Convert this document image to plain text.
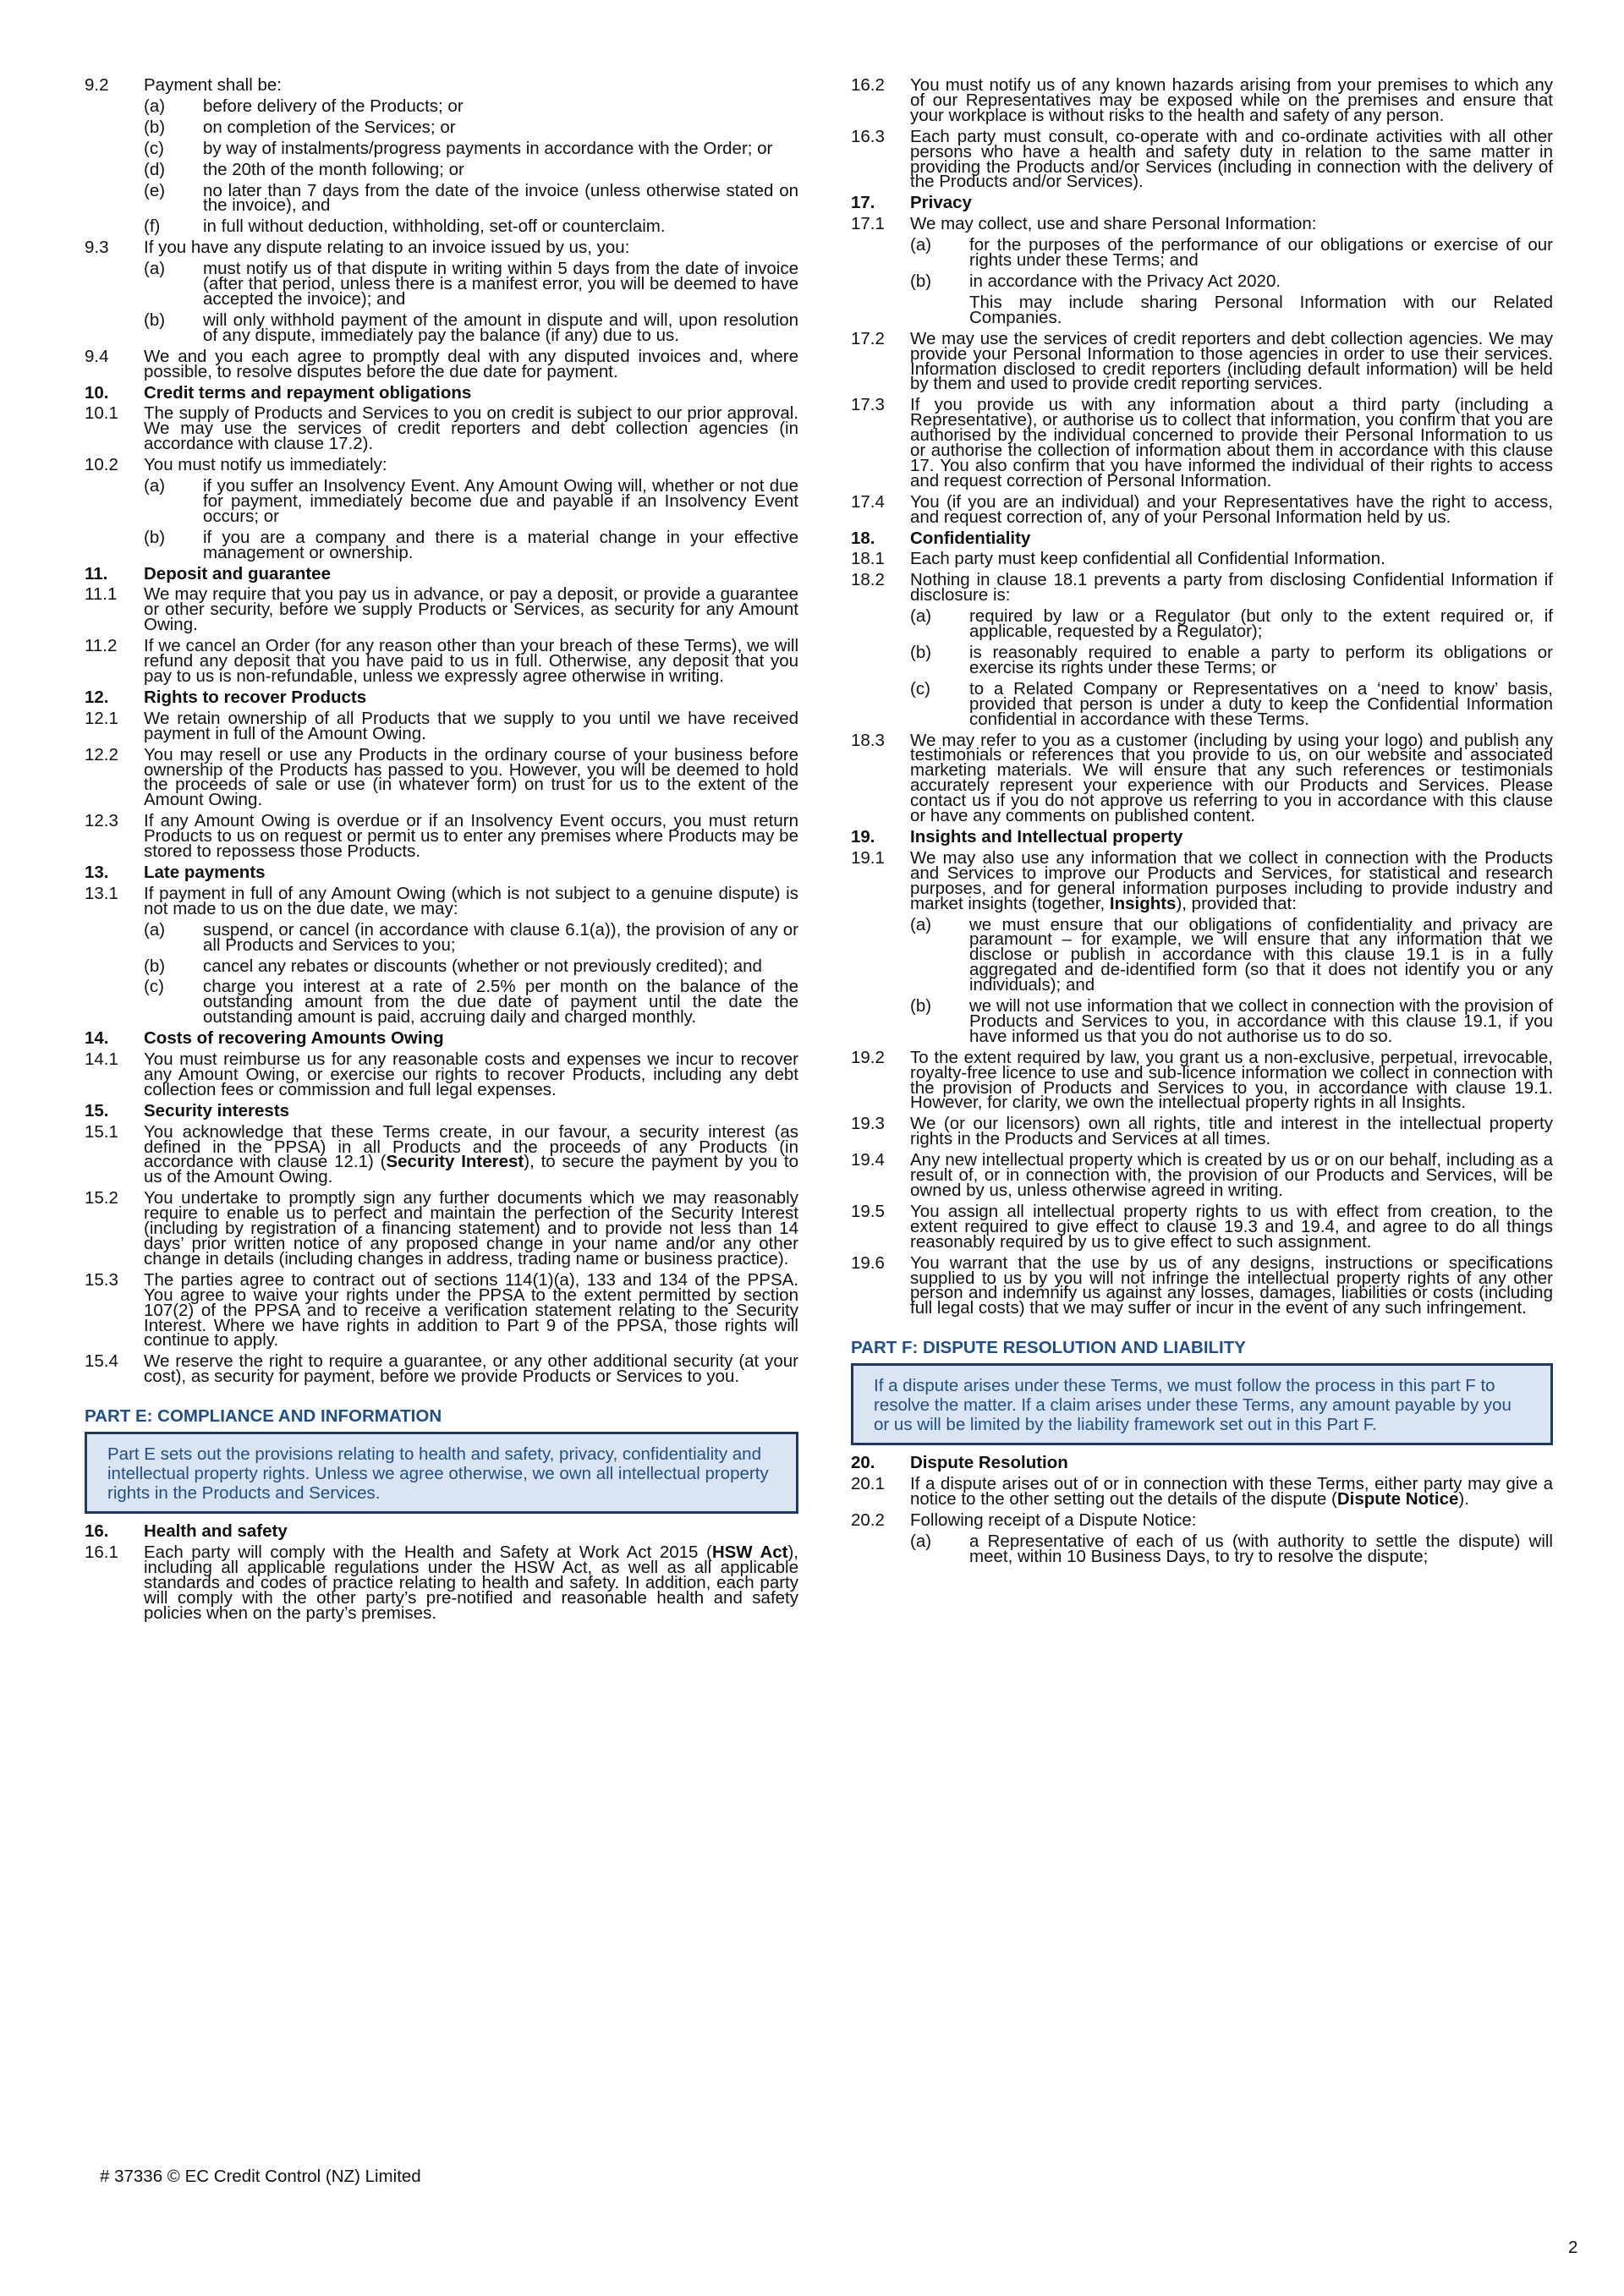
9.2	Payment shall be:
(a)	before delivery of the Products; or
(b)	on completion of the Services; or
(c)	by way of instalments/progress payments in accordance with the Order; or
(d)	the 20th of the month following; or
(e)	no later than 7 days from the date of the invoice (unless otherwise stated on the invoice), and
(f)	in full without deduction, withholding, set-off or counterclaim.
9.3	If you have any dispute relating to an invoice issued by us, you:
(a)	must notify us of that dispute in writing within 5 days from the date of invoice (after that period, unless there is a manifest error, you will be deemed to have accepted the invoice); and
(b)	will only withhold payment of the amount in dispute and will, upon resolution of any dispute, immediately pay the balance (if any) due to us.
9.4	We and you each agree to promptly deal with any disputed invoices and, where possible, to resolve disputes before the due date for payment.
10.	Credit terms and repayment obligations
10.1	The supply of Products and Services to you on credit is subject to our prior approval. We may use the services of credit reporters and debt collection agencies (in accordance with clause 17.2).
10.2	You must notify us immediately:
(a)	if you suffer an Insolvency Event. Any Amount Owing will, whether or not due for payment, immediately become due and payable if an Insolvency Event occurs; or
(b)	if you are a company and there is a material change in your effective management or ownership.
11.	Deposit and guarantee
11.1	We may require that you pay us in advance, or pay a deposit, or provide a guarantee or other security, before we supply Products or Services, as security for any Amount Owing.
11.2	If we cancel an Order (for any reason other than your breach of these Terms), we will refund any deposit that you have paid to us in full. Otherwise, any deposit that you pay to us is non-refundable, unless we expressly agree otherwise in writing.
12.	Rights to recover Products
12.1	We retain ownership of all Products that we supply to you until we have received payment in full of the Amount Owing.
12.2	You may resell or use any Products in the ordinary course of your business before ownership of the Products has passed to you. However, you will be deemed to hold the proceeds of sale or use (in whatever form) on trust for us to the extent of the Amount Owing.
12.3	If any Amount Owing is overdue or if an Insolvency Event occurs, you must return Products to us on request or permit us to enter any premises where Products may be stored to repossess those Products.
13.	Late payments
13.1	If payment in full of any Amount Owing (which is not subject to a genuine dispute) is not made to us on the due date, we may:
(a)	suspend, or cancel (in accordance with clause 6.1(a)), the provision of any or all Products and Services to you;
(b)	cancel any rebates or discounts (whether or not previously credited); and
(c)	charge you interest at a rate of 2.5% per month on the balance of the outstanding amount from the due date of payment until the date the outstanding amount is paid, accruing daily and charged monthly.
14.	Costs of recovering Amounts Owing
14.1	You must reimburse us for any reasonable costs and expenses we incur to recover any Amount Owing, or exercise our rights to recover Products, including any debt collection fees or commission and full legal expenses.
15.	Security interests
15.1	You acknowledge that these Terms create, in our favour, a security interest (as defined in the PPSA) in all Products and the proceeds of any Products (in accordance with clause 12.1) (Security Interest), to secure the payment by you to us of the Amount Owing.
15.2	You undertake to promptly sign any further documents which we may reasonably require to enable us to perfect and maintain the perfection of the Security Interest (including by registration of a financing statement) and to provide not less than 14 days’ prior written notice of any proposed change in your name and/or any other change in details (including changes in address, trading name or business practice).
15.3	The parties agree to contract out of sections 114(1)(a), 133 and 134 of the PPSA. You agree to waive your rights under the PPSA to the extent permitted by section 107(2) of the PPSA and to receive a verification statement relating to the Security Interest. Where we have rights in addition to Part 9 of the PPSA, those rights will continue to apply.
15.4	We reserve the right to require a guarantee, or any other additional security (at your cost), as security for payment, before we provide Products or Services to you.
PART E: COMPLIANCE AND INFORMATION
Part E sets out the provisions relating to health and safety, privacy, confidentiality and intellectual property rights. Unless we agree otherwise, we own all intellectual property rights in the Products and Services.
16.	Health and safety
16.1	Each party will comply with the Health and Safety at Work Act 2015 (HSW Act), including all applicable regulations under the HSW Act, as well as all applicable standards and codes of practice relating to health and safety. In addition, each party will comply with the other party’s pre-notified and reasonable health and safety policies when on the party’s premises.
16.2	You must notify us of any known hazards arising from your premises to which any of our Representatives may be exposed while on the premises and ensure that your workplace is without risks to the health and safety of any person.
16.3	Each party must consult, co-operate with and co-ordinate activities with all other persons who have a health and safety duty in relation to the same matter in providing the Products and/or Services (including in connection with the delivery of the Products and/or Services).
17.	Privacy
17.1	We may collect, use and share Personal Information:
(a)	for the purposes of the performance of our obligations or exercise of our rights under these Terms; and
(b)	in accordance with the Privacy Act 2020.
This may include sharing Personal Information with our Related Companies.
17.2	We may use the services of credit reporters and debt collection agencies. We may provide your Personal Information to those agencies in order to use their services. Information disclosed to credit reporters (including default information) will be held by them and used to provide credit reporting services.
17.3	If you provide us with any information about a third party (including a Representative), or authorise us to collect that information, you confirm that you are authorised by the individual concerned to provide their Personal Information to us or authorise the collection of information about them in accordance with this clause 17. You also confirm that you have informed the individual of their rights to access and request correction of Personal Information.
17.4	You (if you are an individual) and your Representatives have the right to access, and request correction of, any of your Personal Information held by us.
18.	Confidentiality
18.1	Each party must keep confidential all Confidential Information.
18.2	Nothing in clause 18.1 prevents a party from disclosing Confidential Information if disclosure is:
(a)	required by law or a Regulator (but only to the extent required or, if applicable, requested by a Regulator);
(b)	is reasonably required to enable a party to perform its obligations or exercise its rights under these Terms; or
(c)	to a Related Company or Representatives on a ‘need to know’ basis, provided that person is under a duty to keep the Confidential Information confidential in accordance with these Terms.
18.3	We may refer to you as a customer (including by using your logo) and publish any testimonials or references that you provide to us, on our website and associated marketing materials. We will ensure that any such references or testimonials accurately represent your experience with our Products and Services. Please contact us if you do not approve us referring to you in accordance with this clause or have any comments on published content.
19.	Insights and Intellectual property
19.1	We may also use any information that we collect in connection with the Products and Services to improve our Products and Services, for statistical and research purposes, and for general information purposes including to provide industry and market insights (together, Insights), provided that:
(a)	we must ensure that our obligations of confidentiality and privacy are paramount – for example, we will ensure that any information that we disclose or publish in accordance with this clause 19.1 is in a fully aggregated and de-identified form (so that it does not identify you or any individuals); and
(b)	we will not use information that we collect in connection with the provision of Products and Services to you, in accordance with this clause 19.1, if you have informed us that you do not authorise us to do so.
19.2	To the extent required by law, you grant us a non-exclusive, perpetual, irrevocable, royalty-free licence to use and sub-licence information we collect in connection with the provision of Products and Services to you, in accordance with clause 19.1. However, for clarity, we own the intellectual property rights in all Insights.
19.3	We (or our licensors) own all rights, title and interest in the intellectual property rights in the Products and Services at all times.
19.4	Any new intellectual property which is created by us or on our behalf, including as a result of, or in connection with, the provision of our Products and Services, will be owned by us, unless otherwise agreed in writing.
19.5	You assign all intellectual property rights to us with effect from creation, to the extent required to give effect to clause 19.3 and 19.4, and agree to do all things reasonably required by us to give effect to such assignment.
19.6	You warrant that the use by us of any designs, instructions or specifications supplied to us by you will not infringe the intellectual property rights of any other person and indemnify us against any losses, damages, liabilities or costs (including full legal costs) that we may suffer or incur in the event of any such infringement.
PART F: DISPUTE RESOLUTION AND LIABILITY
If a dispute arises under these Terms, we must follow the process in this part F to resolve the matter. If a claim arises under these Terms, any amount payable by you or us will be limited by the liability framework set out in this Part F.
20.	Dispute Resolution
20.1	If a dispute arises out of or in connection with these Terms, either party may give a notice to the other setting out the details of the dispute (Dispute Notice).
20.2	Following receipt of a Dispute Notice:
(a)	a Representative of each of us (with authority to settle the dispute) will meet, within 10 Business Days, to try to resolve the dispute;
# 37336 © EC Credit Control (NZ) Limited
2
